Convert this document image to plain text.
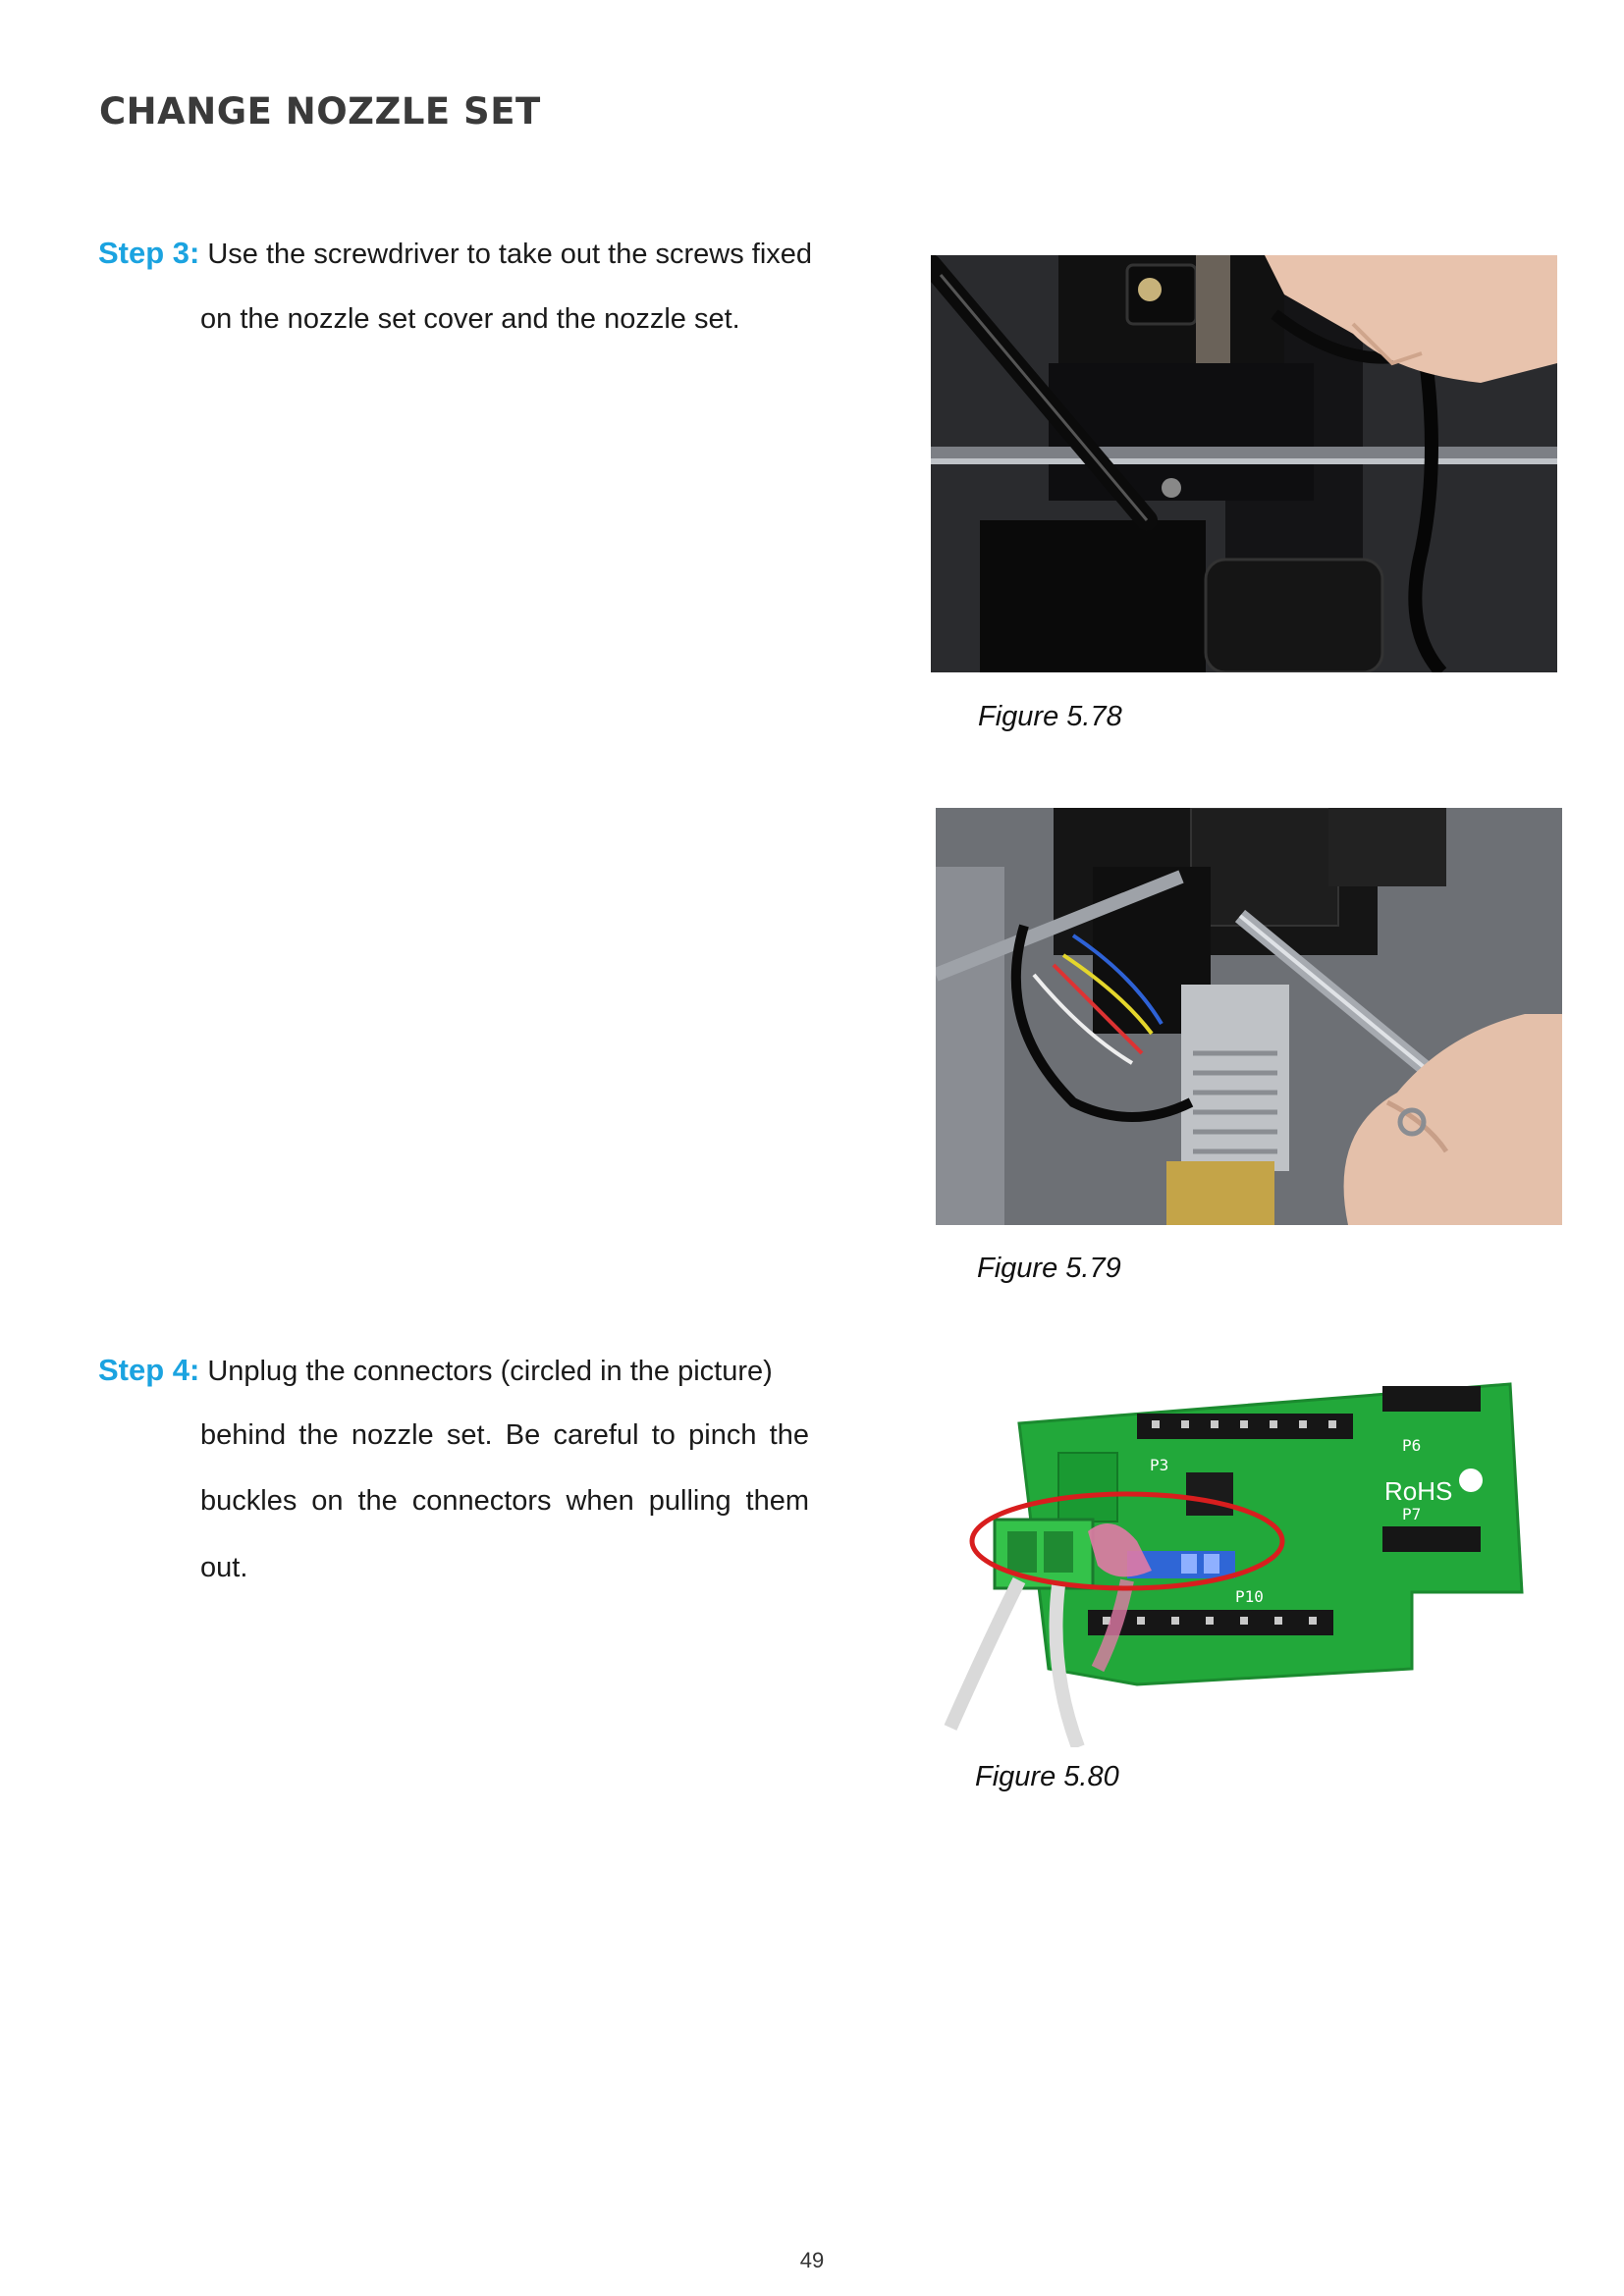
CHANGE NOZZLE SET
Step 3: Use the screwdriver to take out the screws fixed
on the nozzle set cover and the nozzle set.
Step 4: Unplug the connectors (circled in the picture)
behind the nozzle set. Be careful to pinch the
buckles on the connectors when pulling them
out.
Figure 5.78
Figure 5.79
P3
P6
P7
P10
RoHS
Figure 5.80
49
